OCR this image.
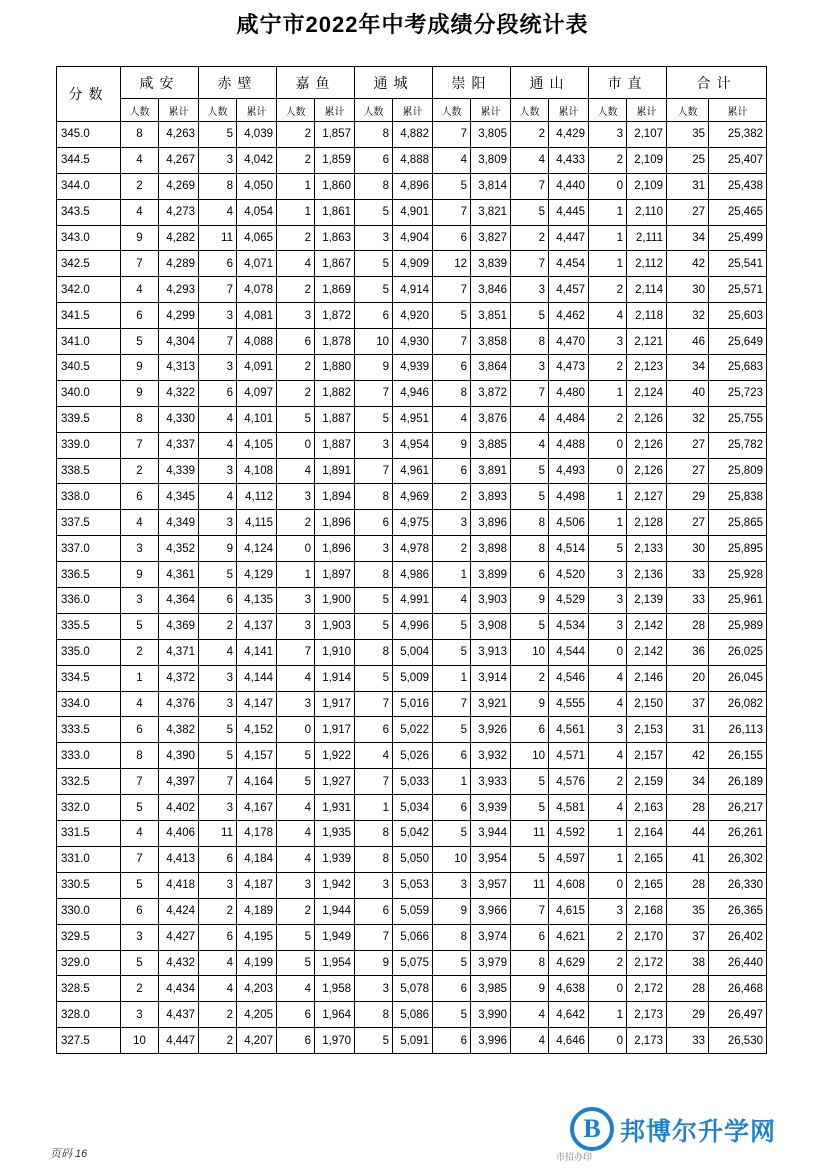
咸宁市2022年中考成绩分段统计表
分数	咸安		赤壁		嘉鱼		通城		崇阳		通山		市直		合计	
	人数	累计	人数	累计	人数	累计	人数	累计	人数	累计	人数	累计	人数	累计	人数	累计
345.0	8	4,263	5	4,039	2	1,857	8	4,882	7	3,805	2	4,429	3	2,107	35	25,382
344.5	4	4,267	3	4,042	2	1,859	6	4,888	4	3,809	4	4,433	2	2,109	25	25,407
344.0	2	4,269	8	4,050	1	1,860	8	4,896	5	3,814	7	4,440	0	2,109	31	25,438
343.5	4	4,273	4	4,054	1	1,861	5	4,901	7	3,821	5	4,445	1	2,110	27	25,465
343.0	9	4,282	11	4,065	2	1,863	3	4,904	6	3,827	2	4,447	1	2,111	34	25,499
342.5	7	4,289	6	4,071	4	1,867	5	4,909	12	3,839	7	4,454	1	2,112	42	25,541
342.0	4	4,293	7	4,078	2	1,869	5	4,914	7	3,846	3	4,457	2	2,114	30	25,571
341.5	6	4,299	3	4,081	3	1,872	6	4,920	5	3,851	5	4,462	4	2,118	32	25,603
341.0	5	4,304	7	4,088	6	1,878	10	4,930	7	3,858	8	4,470	3	2,121	46	25,649
340.5	9	4,313	3	4,091	2	1,880	9	4,939	6	3,864	3	4,473	2	2,123	34	25,683
340.0	9	4,322	6	4,097	2	1,882	7	4,946	8	3,872	7	4,480	1	2,124	40	25,723
339.5	8	4,330	4	4,101	5	1,887	5	4,951	4	3,876	4	4,484	2	2,126	32	25,755
339.0	7	4,337	4	4,105	0	1,887	3	4,954	9	3,885	4	4,488	0	2,126	27	25,782
338.5	2	4,339	3	4,108	4	1,891	7	4,961	6	3,891	5	4,493	0	2,126	27	25,809
338.0	6	4,345	4	4,112	3	1,894	8	4,969	2	3,893	5	4,498	1	2,127	29	25,838
337.5	4	4,349	3	4,115	2	1,896	6	4,975	3	3,896	8	4,506	1	2,128	27	25,865
337.0	3	4,352	9	4,124	0	1,896	3	4,978	2	3,898	8	4,514	5	2,133	30	25,895
336.5	9	4,361	5	4,129	1	1,897	8	4,986	1	3,899	6	4,520	3	2,136	33	25,928
336.0	3	4,364	6	4,135	3	1,900	5	4,991	4	3,903	9	4,529	3	2,139	33	25,961
335.5	5	4,369	2	4,137	3	1,903	5	4,996	5	3,908	5	4,534	3	2,142	28	25,989
335.0	2	4,371	4	4,141	7	1,910	8	5,004	5	3,913	10	4,544	0	2,142	36	26,025
334.5	1	4,372	3	4,144	4	1,914	5	5,009	1	3,914	2	4,546	4	2,146	20	26,045
334.0	4	4,376	3	4,147	3	1,917	7	5,016	7	3,921	9	4,555	4	2,150	37	26,082
333.5	6	4,382	5	4,152	0	1,917	6	5,022	5	3,926	6	4,561	3	2,153	31	26,113
333.0	8	4,390	5	4,157	5	1,922	4	5,026	6	3,932	10	4,571	4	2,157	42	26,155
332.5	7	4,397	7	4,164	5	1,927	7	5,033	1	3,933	5	4,576	2	2,159	34	26,189
332.0	5	4,402	3	4,167	4	1,931	1	5,034	6	3,939	5	4,581	4	2,163	28	26,217
331.5	4	4,406	11	4,178	4	1,935	8	5,042	5	3,944	11	4,592	1	2,164	44	26,261
331.0	7	4,413	6	4,184	4	1,939	8	5,050	10	3,954	5	4,597	1	2,165	41	26,302
330.5	5	4,418	3	4,187	3	1,942	3	5,053	3	3,957	11	4,608	0	2,165	28	26,330
330.0	6	4,424	2	4,189	2	1,944	6	5,059	9	3,966	7	4,615	3	2,168	35	26,365
329.5	3	4,427	6	4,195	5	1,949	7	5,066	8	3,974	6	4,621	2	2,170	37	26,402
329.0	5	4,432	4	4,199	5	1,954	9	5,075	5	3,979	8	4,629	2	2,172	38	26,440
328.5	2	4,434	4	4,203	4	1,958	3	5,078	6	3,985	9	4,638	0	2,172	28	26,468
328.0	3	4,437	2	4,205	6	1,964	8	5,086	5	3,990	4	4,642	1	2,173	29	26,497
327.5	10	4,447	2	4,207	6	1,970	5	5,091	6	3,996	4	4,646	0	2,173	33	26,530
页码 16	市招办印
B 邦博尔升学网
